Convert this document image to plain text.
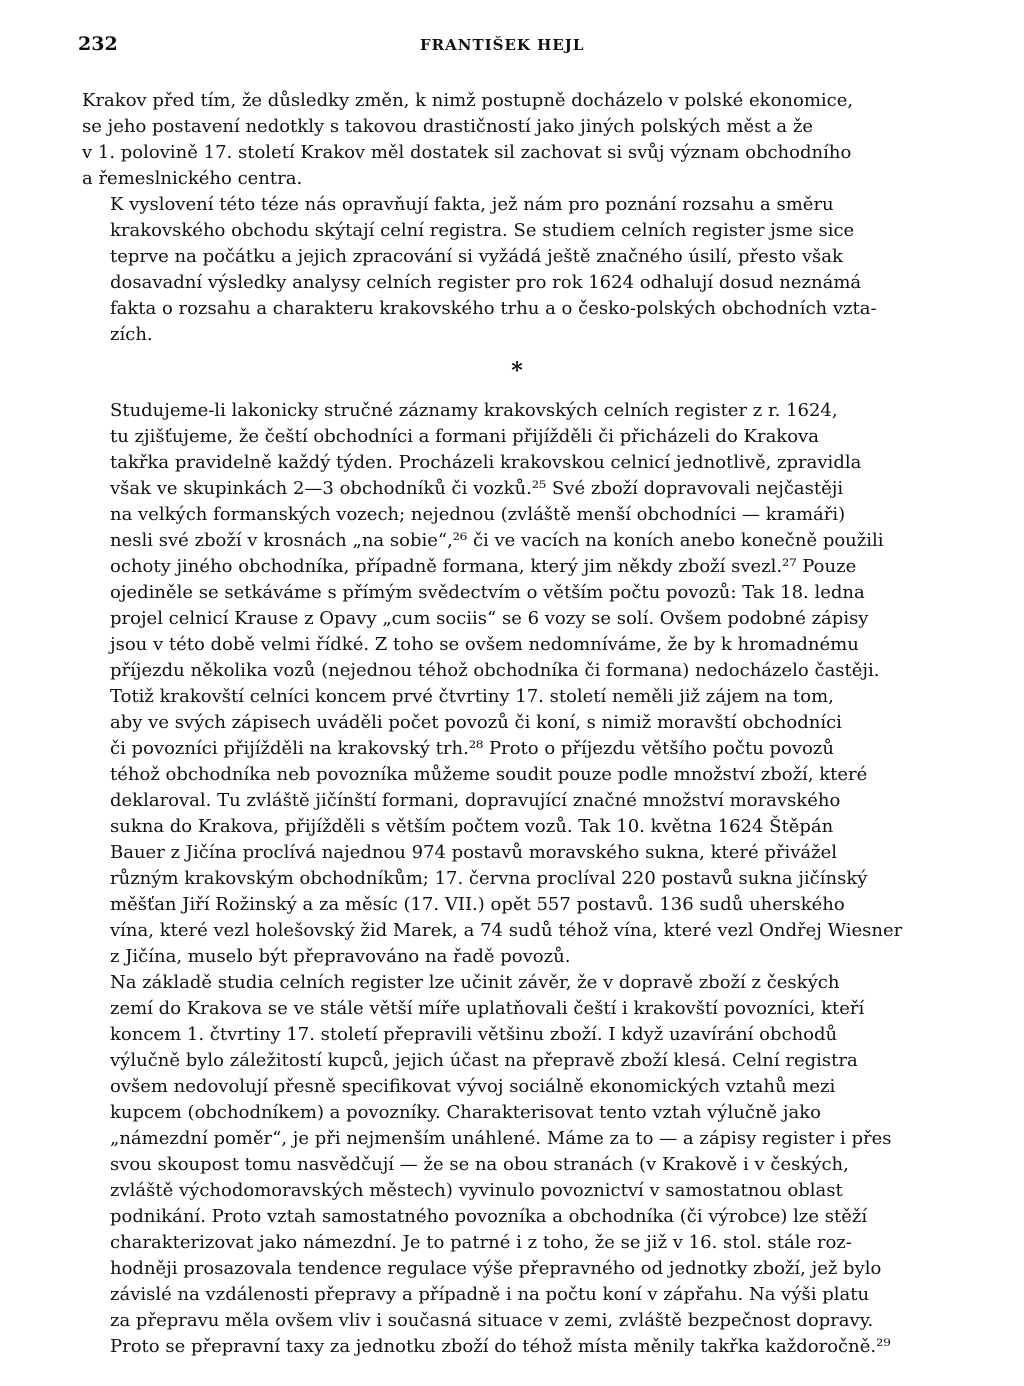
232	FRANTIŠEK HEJL

Krakov před tím, že důsledky změn, k nimž postupně docházelo v polské ekonomice,
se jeho postavení nedotkly s takovou drastičností jako jiných polských měst a že
v 1. polovině 17. století Krakov měl dostatek sil zachovat si svůj význam obchodního
a řemeslnického centra.

K vyslovení této téze nás opravňují fakta, jež nám pro poznání rozsahu a směru
krakovského obchodu skýtají celní registra. Se studiem celních register jsme sice
teprve na počátku a jejich zpracování si vyžádá ještě značného úsilí, přesto však
dosavadní výsledky analysy celních register pro rok 1624 odhalují dosud neznámá
fakta o rozsahu a charakteru krakovského trhu a o česko-polských obchodních vzta-
zích.

*

Studujeme-li lakonicky stručné záznamy krakovských celních register z r. 1624,
tu zjišťujeme, že čeští obchodníci a formani přijížděli či přicházeli do Krakova
takřka pravidelně každý týden. Procházeli krakovskou celnicí jednotlivě, zpravidla
však ve skupinkách 2—3 obchodníků či vozků.²⁵ Své zboží dopravovali nejčastěji
na velkých formanských vozech; nejednou (zvláště menší obchodníci — kramáři)
nesli své zboží v krosnách „na sobie“,²⁶ či ve vacích na koních anebo konečně použili
ochoty jiného obchodníka, případně formana, který jim někdy zboží svezl.²⁷ Pouze
ojediněle se setkáváme s přímým svědectvím o větším počtu povozů: Tak 18. ledna
projel celnicí Krause z Opavy „cum sociis“ se 6 vozy se solí. Ovšem podobné zápisy
jsou v této době velmi řídké. Z toho se ovšem nedomníváme, že by k hromadnému
příjezdu několika vozů (nejednou téhož obchodníka či formana) nedocházelo častěji.
Totiž krakovští celníci koncem prvé čtvrtiny 17. století neměli již zájem na tom,
aby ve svých zápisech uváděli počet povozů či koní, s nimiž moravští obchodníci
či povozníci přijížděli na krakovský trh.²⁸ Proto o příjezdu většího počtu povozů
téhož obchodníka neb povozníka můžeme soudit pouze podle množství zboží, které
deklaroval. Tu zvláště jičínští formani, dopravující značné množství moravského
sukna do Krakova, přijížděli s větším počtem vozů. Tak 10. května 1624 Štěpán
Bauer z Jičína proclívá najednou 974 postavů moravského sukna, které přivážel
různým krakovským obchodníkům; 17. června proclíval 220 postavů sukna jičínský
měšťan Jiří Rožinský a za měsíc (17. VII.) opět 557 postavů. 136 sudů uherského
vína, které vezl holešovský žid Marek, a 74 sudů téhož vína, které vezl Ondřej Wiesner
z Jičína, muselo být přepravováno na řadě povozů.

Na základě studia celních register lze učinit závěr, že v dopravě zboží z českých
zemí do Krakova se ve stále větší míře uplatňovali čeští i krakovští povozníci, kteří
koncem 1. čtvrtiny 17. století přepravili většinu zboží. I když uzavírání obchodů
výlučně bylo záležitostí kupců, jejich účast na přepravě zboží klesá. Celní registra
ovšem nedovolují přesně specifikovat vývoj sociálně ekonomických vztahů mezi
kupcem (obchodníkem) a povozníky. Charakterisovat tento vztah výlučně jako
„námezdní poměr“, je při nejmenším unáhlené. Máme za to — a zápisy register i přes
svou skoupost tomu nasvědčují — že se na obou stranách (v Krakově i v českých,
zvláště východomoravských městech) vyvinulo povoznictví v samostatnou oblast
podnikání. Proto vztah samostatného povozníka a obchodníka (či výrobce) lze stěží
charakterizovat jako námezdní. Je to patrné i z toho, že se již v 16. stol. stále roz-
hodněji prosazovala tendence regulace výše přepravného od jednotky zboží, jež bylo
závislé na vzdálenosti přepravy a případně i na počtu koní v zápřahu. Na výši platu
za přepravu měla ovšem vliv i současná situace v zemi, zvláště bezpečnost dopravy.
Proto se přepravní taxy za jednotku zboží do téhož místa měnily takřka každoročně.²⁹
